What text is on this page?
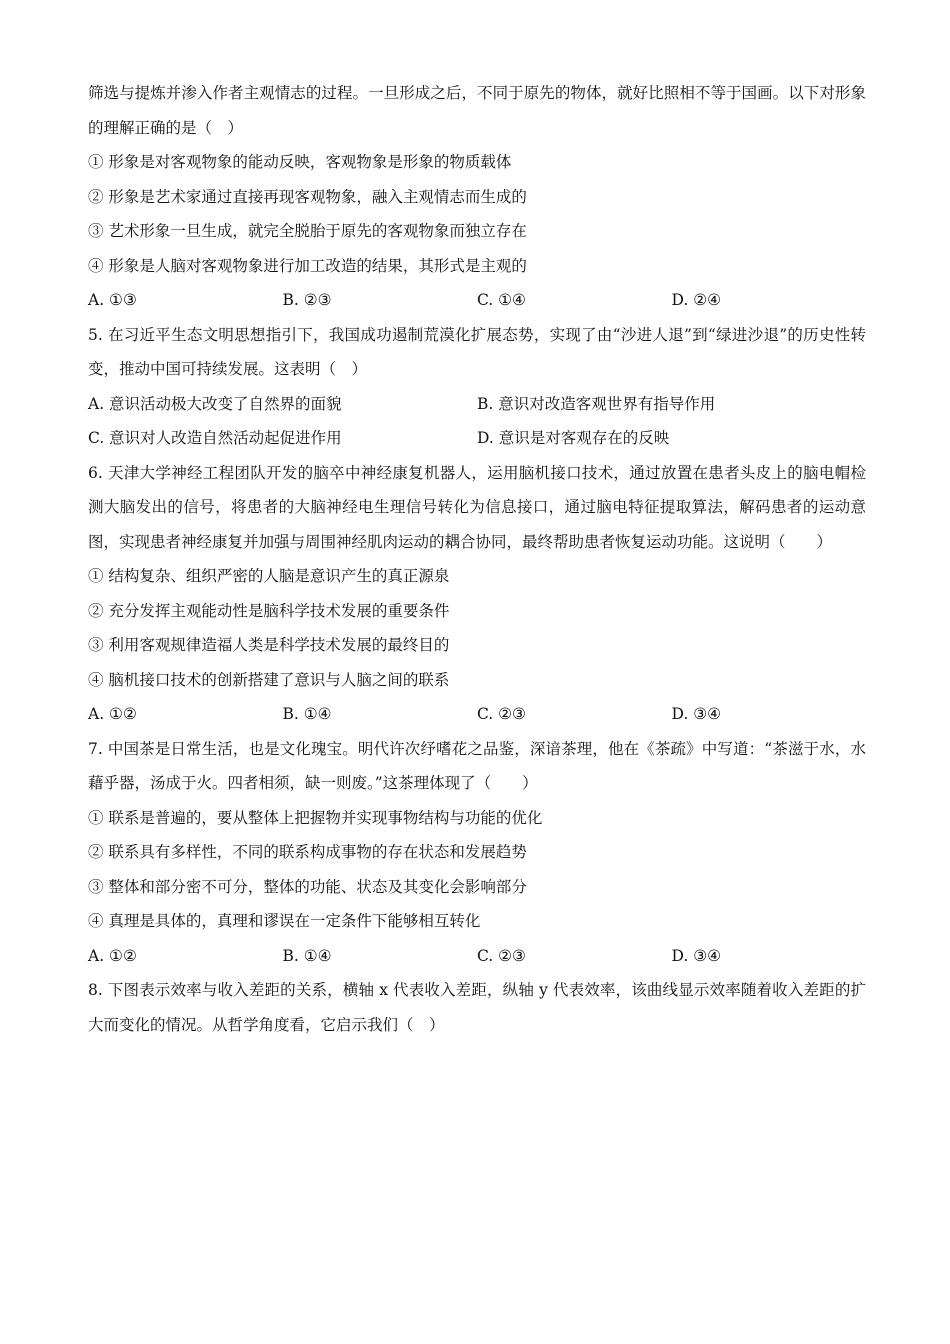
筛选与提炼并渗入作者主观情志的过程。一旦形成之后，不同于原先的物体，就好比照相不等于国画。以下对形象的理解正确的是（　）
① 形象是对客观物象的能动反映，客观物象是形象的物质载体
② 形象是艺术家通过直接再现客观物象，融入主观情志而生成的
③ 艺术形象一旦生成，就完全脱胎于原先的客观物象而独立存在
④ 形象是人脑对客观物象进行加工改造的结果，其形式是主观的
A. ①③	B. ②③	C. ①④	D. ②④
5. 在习近平生态文明思想指引下，我国成功遏制荒漠化扩展态势，实现了由“沙进人退”到“绿进沙退”的历史性转变，推动中国可持续发展。这表明（　）
A. 意识活动极大改变了自然界的面貌	B. 意识对改造客观世界有指导作用
C. 意识对人改造自然活动起促进作用	D. 意识是对客观存在的反映
6. 天津大学神经工程团队开发的脑卒中神经康复机器人，运用脑机接口技术，通过放置在患者头皮上的脑电帽检测大脑发出的信号，将患者的大脑神经电生理信号转化为信息接口，通过脑电特征提取算法，解码患者的运动意图，实现患者神经康复并加强与周围神经肌肉运动的耦合协同，最终帮助患者恢复运动功能。这说明（　　）
① 结构复杂、组织严密的人脑是意识产生的真正源泉
② 充分发挥主观能动性是脑科学技术发展的重要条件
③ 利用客观规律造福人类是科学技术发展的最终目的
④ 脑机接口技术的创新搭建了意识与人脑之间的联系
A. ①②	B. ①④	C. ②③	D. ③④
7. 中国茶是日常生活，也是文化瑰宝。明代许次纾嗜花之品鉴，深谙茶理，他在《茶疏》中写道：“茶滋于水，水藉乎器，汤成于火。四者相须，缺一则废。”这茶理体现了（　　）
① 联系是普遍的，要从整体上把握物并实现事物结构与功能的优化
② 联系具有多样性，不同的联系构成事物的存在状态和发展趋势
③ 整体和部分密不可分，整体的功能、状态及其变化会影响部分
④ 真理是具体的，真理和谬误在一定条件下能够相互转化
A. ①②	B. ①④	C. ②③	D. ③④
8. 下图表示效率与收入差距的关系，横轴 x 代表收入差距，纵轴 y 代表效率，该曲线显示效率随着收入差距的扩大而变化的情况。从哲学角度看，它启示我们（　）
